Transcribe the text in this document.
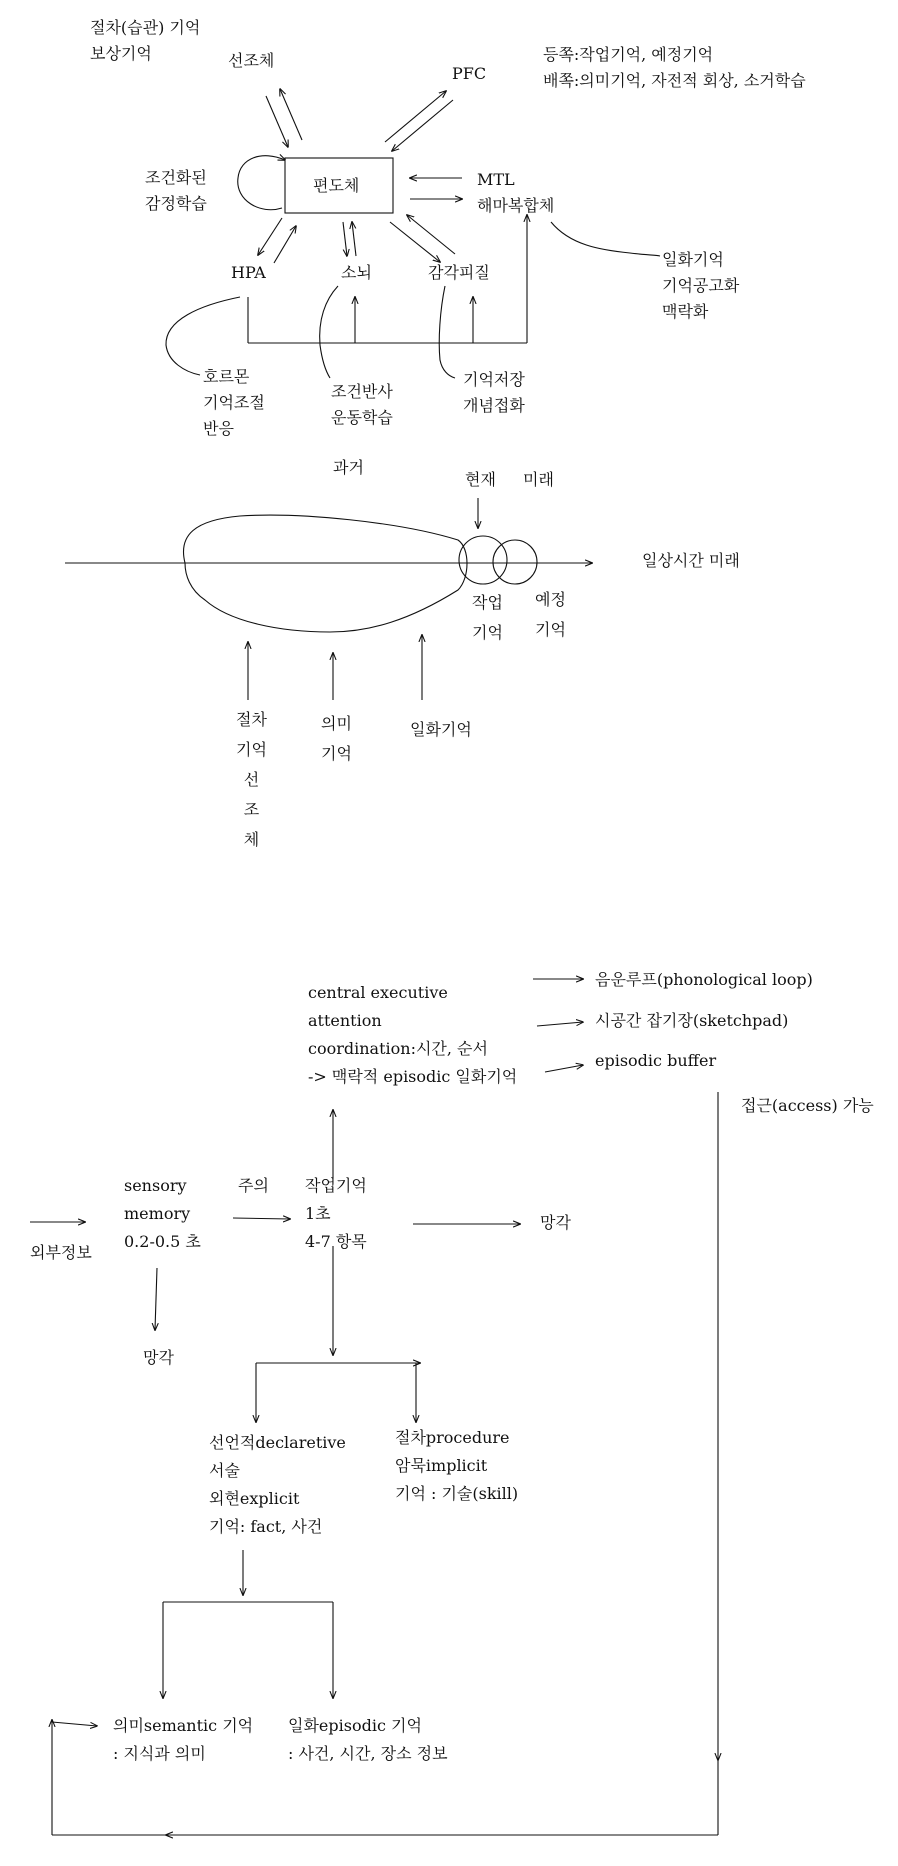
절차(습관) 기억
보상기억	선조체
PFC
등쪽:작업기억, 예정기억
배쪽:의미기억, 자전적 회상, 소거학습
편도체
조건화된
감정학습
MTL
해마복합체
일화기억
기억공고화
맥락화
HPA	소뇌	감각피질
호르몬
기억조절
반응
조건반사
운동학습
기억저장
개념접화
과거
현재 미래
일상시간 미래
작업
기억
예정
기억
절차
기억
선
조
체
의미
기억
일화기억
central executive
attention
coordination:시간, 순서
-> 맥락적 episodic 일화기억
음운루프(phonological loop)
시공간 잡기장(sketchpad)
episodic buffer
접근(access) 가능
외부정보
sensory
memory
0.2-0.5 초
주의 작업기억
1초
4-7 항목
망각
망각
선언적declaretive
서술
외현explicit
기억: fact, 사건
절차procedure
암묵implicit
기억 : 기술(skill)
의미semantic 기억
: 지식과 의미
일화episodic 기억
: 사건, 시간, 장소 정보
